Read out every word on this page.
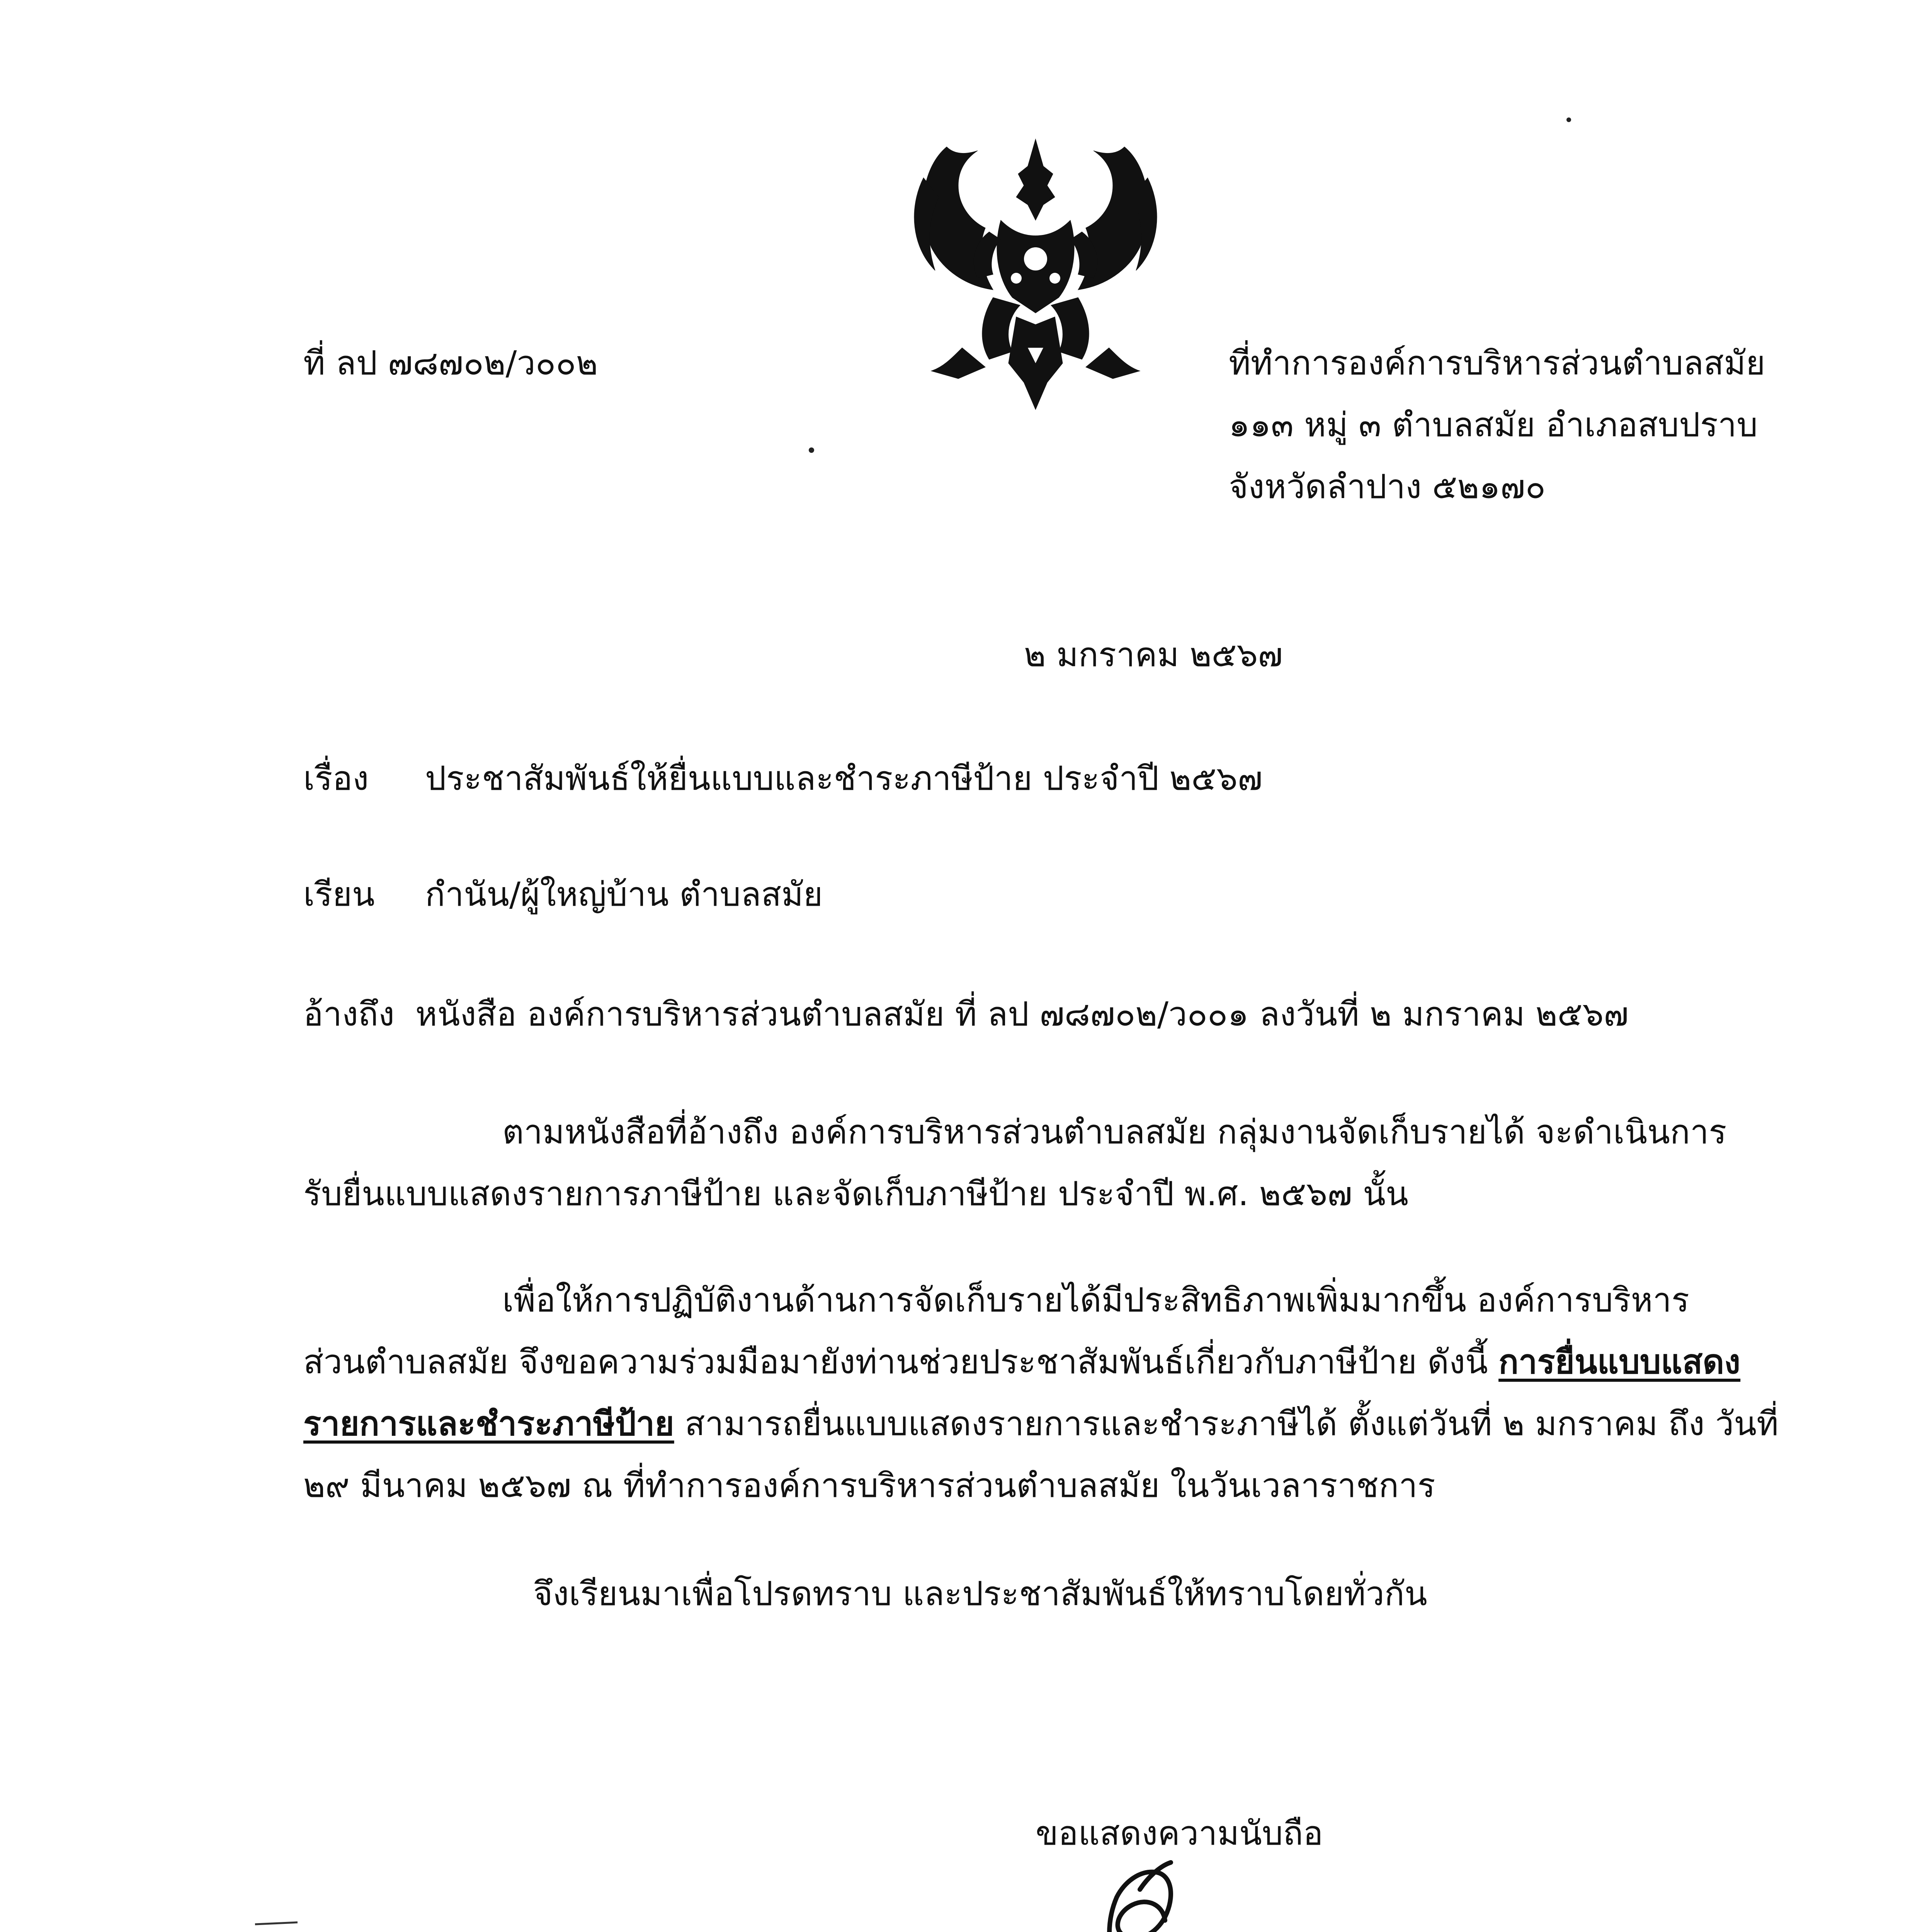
ที่ ลป ๗๘๗๐๒/ว๐๐๒	ที่ทำการองค์การบริหารส่วนตำบลสมัย
๑๑๓ หมู่ ๓ ตำบลสมัย อำเภอสบปราบ
จังหวัดลำปาง ๕๒๑๗๐
๒ มกราคม ๒๕๖๗
เรื่อง ประชาสัมพันธ์ให้ยื่นแบบและชำระภาษีป้าย ประจำปี ๒๕๖๗
เรียน กำนัน/ผู้ใหญ่บ้าน ตำบลสมัย
อ้างถึง หนังสือ องค์การบริหารส่วนตำบลสมัย ที่ ลป ๗๘๗๐๒/ว๐๐๑ ลงวันที่ ๒ มกราคม ๒๕๖๗
ตามหนังสือที่อ้างถึง องค์การบริหารส่วนตำบลสมัย กลุ่มงานจัดเก็บรายได้ จะดำเนินการ
รับยื่นแบบแสดงรายการภาษีป้าย และจัดเก็บภาษีป้าย ประจำปี พ.ศ. ๒๕๖๗ นั้น
เพื่อให้การปฏิบัติงานด้านการจัดเก็บรายได้มีประสิทธิภาพเพิ่มมากขึ้น องค์การบริหาร
ส่วนตำบลสมัย จึงขอความร่วมมือมายังท่านช่วยประชาสัมพันธ์เกี่ยวกับภาษีป้าย ดังนี้ การยื่นแบบแสดง
รายการและชำระภาษีป้าย สามารถยื่นแบบแสดงรายการและชำระภาษีได้ ตั้งแต่วันที่ ๒ มกราคม ถึง วันที่
๒๙ มีนาคม ๒๕๖๗ ณ ที่ทำการองค์การบริหารส่วนตำบลสมัย ในวันเวลาราชการ
จึงเรียนมาเพื่อโปรดทราบ และประชาสัมพันธ์ให้ทราบโดยทั่วกัน
ขอแสดงความนับถือ
